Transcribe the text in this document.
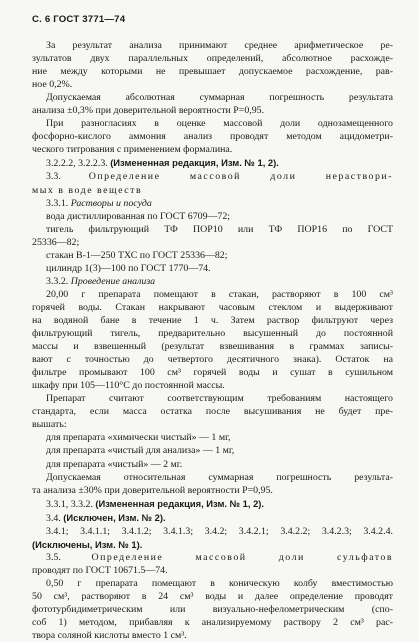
С. 6 ГОСТ 3771—74
За результат анализа принимают среднее арифметическое ре-
зультатов двух параллельных определений, абсолютное расхожде-
ние между которыми не превышает допускаемое расхождение, рав-
ное 0,2%.
Допускаемая абсолютная суммарная погрешность результата
анализа ±0,3% при доверительной вероятности P=0,95.
При разногласиях в оценке массовой доли однозамещенного
фосфорно-кислого аммония анализ проводят методом ацидометри-
ческого титрования с применением формалина.
3.2.2.2, 3.2.2.3. (Измененная редакция, Изм. № 1, 2).
3.3. Определение массовой доли нераствори-
мых в воде веществ
3.3.1. Растворы и посуда
вода дистиллированная по ГОСТ 6709—72;
тигель фильтрующий ТФ ПОР10 или ТФ ПОР16 по ГОСТ
25336—82;
стакан В-1—250 ТХС по ГОСТ 25336—82;
цилиндр 1(3)—100 по ГОСТ 1770—74.
3.3.2. Проведение анализа
20,00 г препарата помещают в стакан, растворяют в 100 см³
горячей воды. Стакан накрывают часовым стеклом и выдерживают
на водяной бане в течение 1 ч. Затем раствор фильтруют через
фильтрующий тигель, предварительно высушенный до постоянной
массы и взвешенный (результат взвешивания в граммах записы-
вают с точностью до четвертого десятичного знака). Остаток на
фильтре промывают 100 см³ горячей воды и сушат в сушильном
шкафу при 105—110°С до постоянной массы.
Препарат считают соответствующим требованиям настоящего
стандарта, если масса остатка после высушивания не будет пре-
вышать:
для препарата «химически чистый» — 1 мг,
для препарата «чистый для анализа» — 1 мг,
для препарата «чистый» — 2 мг.
Допускаемая относительная суммарная погрешность результа-
та анализа ±30% при доверительной вероятности P=0,95.
3.3.1, 3.3.2. (Измененная редакция, Изм. № 1, 2).
3.4. (Исключен, Изм. № 2).
3.4.1; 3.4.1.1; 3.4.1.2; 3.4.1.3; 3.4.2; 3.4.2.1; 3.4.2.2; 3.4.2.3; 3.4.2.4.
(Исключены, Изм. № 1).
3.5. Определение массовой доли сульфатов
проводят по ГОСТ 10671.5—74.
0,50 г препарата помещают в коническую колбу вместимостью
50 см³, растворяют в 24 см³ воды и далее определение проводят
фототурбидиметрическим или визуально-нефелометрическим (спо-
соб 1) методом, прибавляя к анализируемому раствору 2 см³ рас-
твора соляной кислоты вместо 1 см³.
